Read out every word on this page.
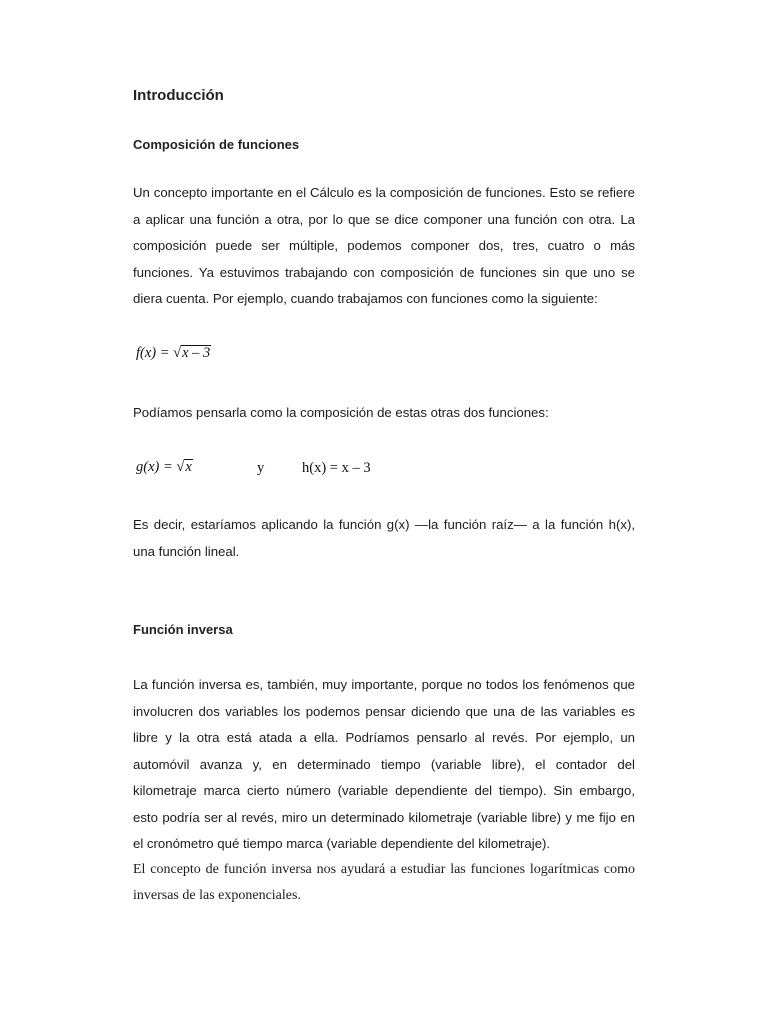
Introducción
Composición de funciones

Un concepto importante en el Cálculo es la composición de funciones. Esto se refiere a aplicar una función a otra, por lo que se dice componer una función con otra. La composición puede ser múltiple, podemos componer dos, tres, cuatro o más funciones. Ya estuvimos trabajando con composición de funciones sin que uno se diera cuenta. Por ejemplo, cuando trabajamos con funciones como la siguiente:

f(x) = √x – 3

Podíamos pensarla como la composición de estas otras dos funciones:

g(x) = √x	y	h(x) = x – 3

Es decir, estaríamos aplicando la función g(x) —la función raíz— a la función h(x), una función lineal.

Función inversa

La función inversa es, también, muy importante, porque no todos los fenómenos que involucren dos variables los podemos pensar diciendo que una de las variables es libre y la otra está atada a ella. Podríamos pensarlo al revés. Por ejemplo, un automóvil avanza y, en determinado tiempo (variable libre), el contador del kilometraje marca cierto número (variable dependiente del tiempo). Sin embargo, esto podría ser al revés, miro un determinado kilometraje (variable libre) y me fijo en el cronómetro qué tiempo marca (variable dependiente del kilometraje).

El concepto de función inversa nos ayudará a estudiar las funciones logarítmicas como inversas de las exponenciales.
